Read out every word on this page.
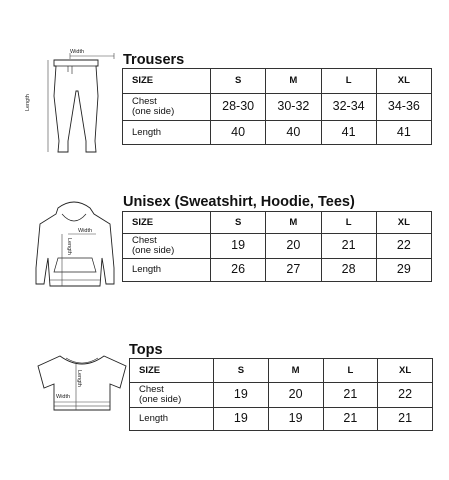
Width
Length
Trousers
SIZE	S	M	L	XL

Chest
(one side)	28-30	30-32	32-34	34-36
Length	40	40	41	41
Width
Length
Unisex (Sweatshirt, Hoodie, Tees)
SIZE	S	M	L	XL

Chest
(one side)	19	20	21	22
Length	26	27	28	29
Length
Width
Tops
SIZE	S	M	L	XL

Chest
(one side)	19	20	21	22
Length	19	19	21	21
